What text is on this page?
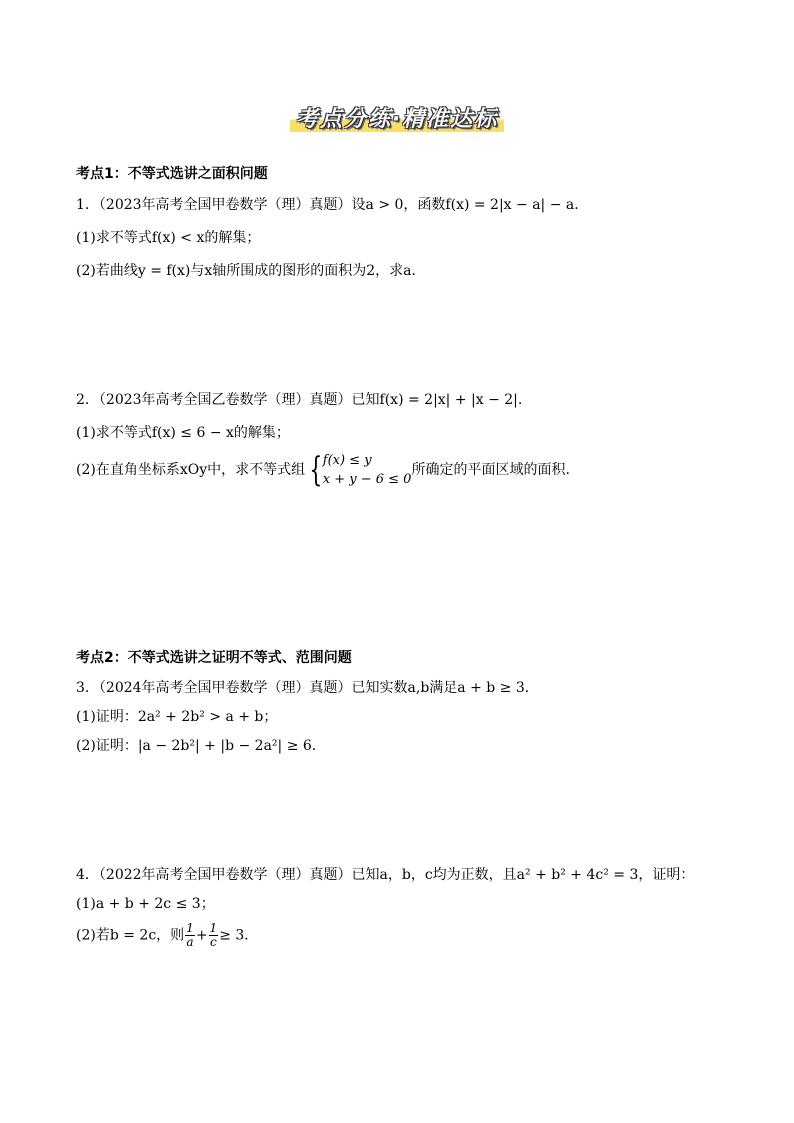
考点分练·精准达标
考点1：不等式选讲之面积问题
1．（2023年高考全国甲卷数学（理）真题）设a > 0，函数f(x) = 2|x − a| − a．
(1)求不等式f(x) < x的解集；
(2)若曲线y = f(x)与x轴所围成的图形的面积为2，求a．
2．（2023年高考全国乙卷数学（理）真题）已知f(x) = 2|x| + |x − 2|.
(1)求不等式f(x) ≤ 6 − x的解集；
(2)在直角坐标系xOy中，求不等式组 { f(x) ≤ y
x + y − 6 ≤ 0
所确定的平面区域的面积.
考点2：不等式选讲之证明不等式、范围问题
3．（2024年高考全国甲卷数学（理）真题）已知实数a,b满足a + b ≥ 3．
(1)证明：2a² + 2b² > a + b；
(2)证明：|a − 2b²| + |b − 2a²| ≥ 6．
4．（2022年高考全国甲卷数学（理）真题）已知a，b，c均为正数，且a² + b² + 4c² = 3，证明：
(1)a + b + 2c ≤ 3；
(2)若b = 2c，则 $\frac{1}{a} + \frac{1}{c} \ge 3$．
